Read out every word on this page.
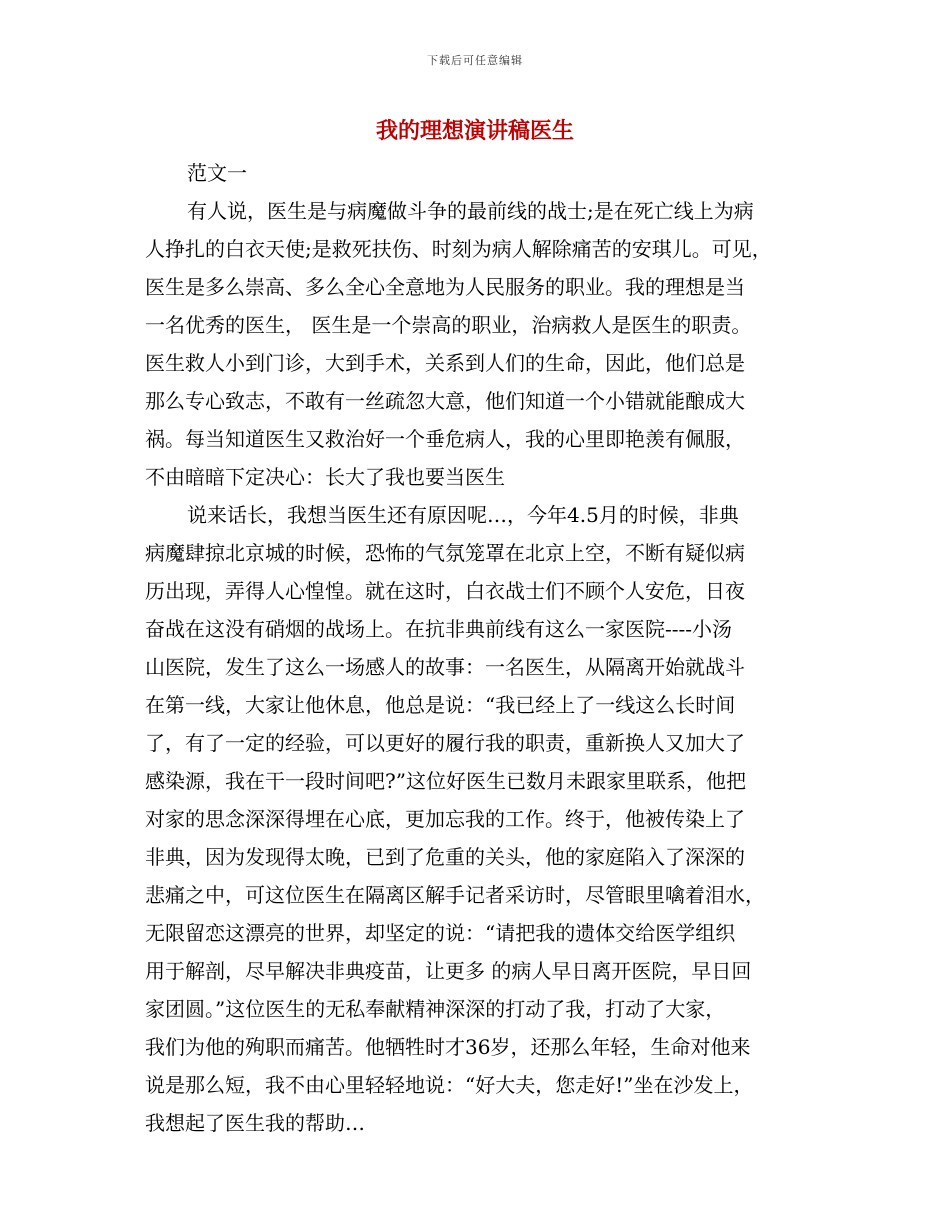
下载后可任意编辑
我的理想演讲稿医生
范文一
有人说，医生是与病魔做斗争的最前线的战士;是在死亡线上为病
人挣扎的白衣天使;是救死扶伤、时刻为病人解除痛苦的安琪儿。可见，
医生是多么崇高、多么全心全意地为人民服务的职业。我的理想是当
一名优秀的医生， 医生是一个崇高的职业，治病救人是医生的职责。
医生救人小到门诊，大到手术，关系到人们的生命，因此，他们总是
那么专心致志，不敢有一丝疏忽大意，他们知道一个小错就能酿成大
祸。每当知道医生又救治好一个垂危病人，我的心里即艳羡有佩服，
不由暗暗下定决心：长大了我也要当医生
说来话长，我想当医生还有原因呢…，今年4.5月的时候，非典
病魔肆掠北京城的时候，恐怖的气氛笼罩在北京上空，不断有疑似病
历出现，弄得人心惶惶。就在这时，白衣战士们不顾个人安危，日夜
奋战在这没有硝烟的战场上。在抗非典前线有这么一家医院----小汤
山医院，发生了这么一场感人的故事：一名医生，从隔离开始就战斗
在第一线，大家让他休息，他总是说：“我已经上了一线这么长时间
了，有了一定的经验，可以更好的履行我的职责，重新换人又加大了
感染源，我在干一段时间吧?”这位好医生已数月未跟家里联系，他把
对家的思念深深得埋在心底，更加忘我的工作。终于，他被传染上了
非典，因为发现得太晚，已到了危重的关头，他的家庭陷入了深深的
悲痛之中，可这位医生在隔离区解手记者采访时，尽管眼里噙着泪水，
无限留恋这漂亮的世界，却坚定的说：“请把我的遗体交给医学组织
用于解剖，尽早解决非典疫苗，让更多 的病人早日离开医院，早日回
家团圆。”这位医生的无私奉献精神深深的打动了我，打动了大家，
我们为他的殉职而痛苦。他牺牲时才36岁，还那么年轻，生命对他来
说是那么短，我不由心里轻轻地说：“好大夫，您走好!”坐在沙发上，
我想起了医生我的帮助…
